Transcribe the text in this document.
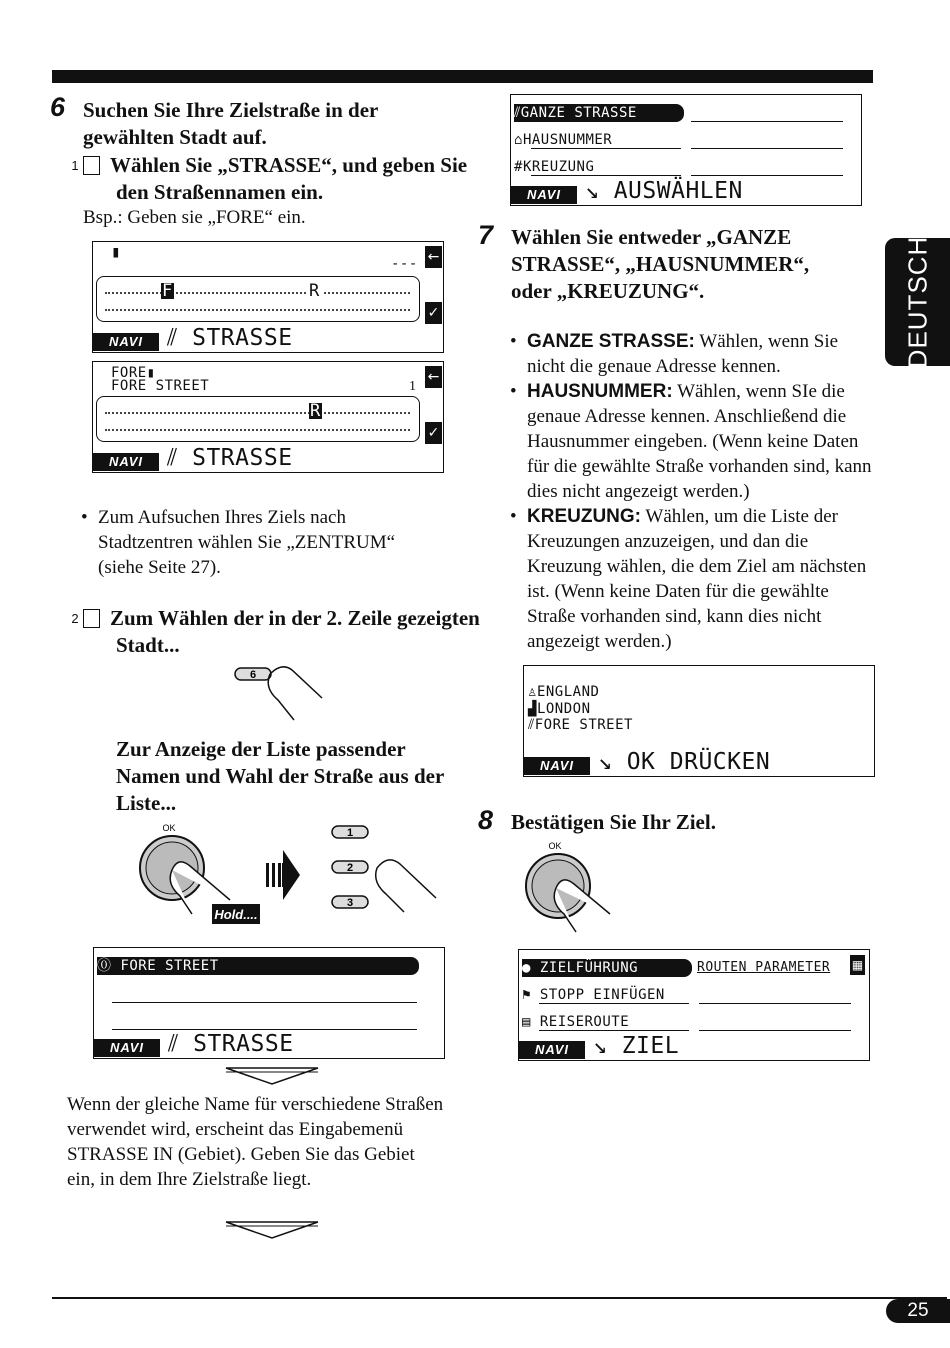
DEUTSCH
25
6 Suchen Sie Ihre Zielstraße in der gewählten Stadt auf.
1 Wählen Sie „STRASSE“, und geben Sie den Straßennamen ein.
Bsp.: Geben sie „FORE“ ein.
▮
--- ←
F	R
✓
NAVI	⫽ STRASSE
FORE▮
FORE STREET	1
←
R
✓
NAVI	⫽ STRASSE
• Zum Aufsuchen Ihres Ziels nach Stadtzentren wählen Sie „ZENTRUM“ (siehe Seite 27).
2 Zum Wählen der in der 2. Zeile gezeigten Stadt...
6
Zur Anzeige der Liste passender Namen und Wahl der Straße aus der Liste...
OK
Hold....
1
2
3
⓪ FORE STREET
NAVI	⫽ STRASSE
Wenn der gleiche Name für verschiedene Straßen verwendet wird, erscheint das Eingabemenü STRASSE IN (Gebiet). Geben Sie das Gebiet ein, in dem Ihre Zielstraße liegt.
⫽GANZE STRASSE
⌂HAUSNUMMER
#KREUZUNG
NAVI	↘ AUSWÄHLEN
7 Wählen Sie entweder „GANZE STRASSE“, „HAUSNUMMER“, oder „KREUZUNG“.
• GANZE STRASSE: Wählen, wenn Sie nicht die genaue Adresse kennen.
• HAUSNUMMER: Wählen, wenn SIe die genaue Adresse kennen. Anschließend die Hausnummer eingeben. (Wenn keine Daten für die gewählte Straße vorhanden sind, kann dies nicht angezeigt werden.)
• KREUZUNG: Wählen, um die Liste der Kreuzungen anzuzeigen, und dan die Kreuzung wählen, die dem Ziel am nächsten ist. (Wenn keine Daten für die gewählte Straße vorhanden sind, kann dies nicht angezeigt werden.)
♙ENGLAND
▟LONDON
⫽FORE STREET
NAVI	↘ OK DRÜCKEN
8 Bestätigen Sie Ihr Ziel.
OK
● ZIELFÜHRUNG
⚑ STOPP EINFÜGEN
▤ REISEROUTE
ROUTEN PARAMETER ▦
NAVI	↘ ZIEL
